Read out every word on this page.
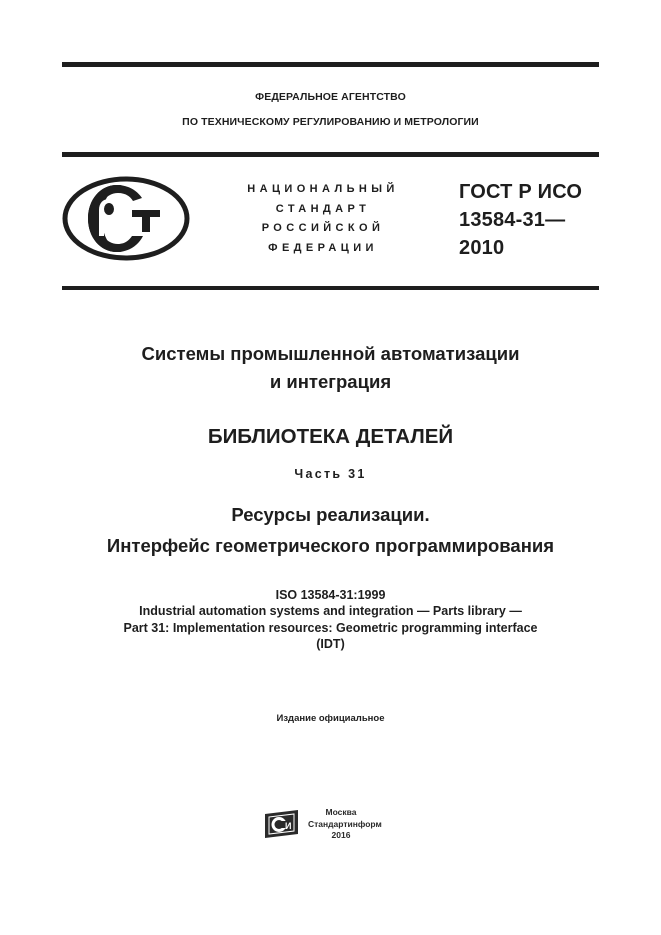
ФЕДЕРАЛЬНОЕ АГЕНТСТВО
ПО ТЕХНИЧЕСКОМУ РЕГУЛИРОВАНИЮ И МЕТРОЛОГИИ
НАЦИОНАЛЬНЫЙ
СТАНДАРТ
РОССИЙСКОЙ
ФЕДЕРАЦИИ
ГОСТ Р ИСО
13584-31—
2010
Системы промышленной автоматизации
и интеграция
БИБЛИОТЕКА ДЕТАЛЕЙ
Часть 31
Ресурсы реализации.
Интерфейс геометрического программирования
ISO 13584-31:1999
Industrial automation systems and integration — Parts library —
Part 31: Implementation resources: Geometric programming interface
(IDT)
Издание официальное
И
Москва
Стандартинформ
2016
